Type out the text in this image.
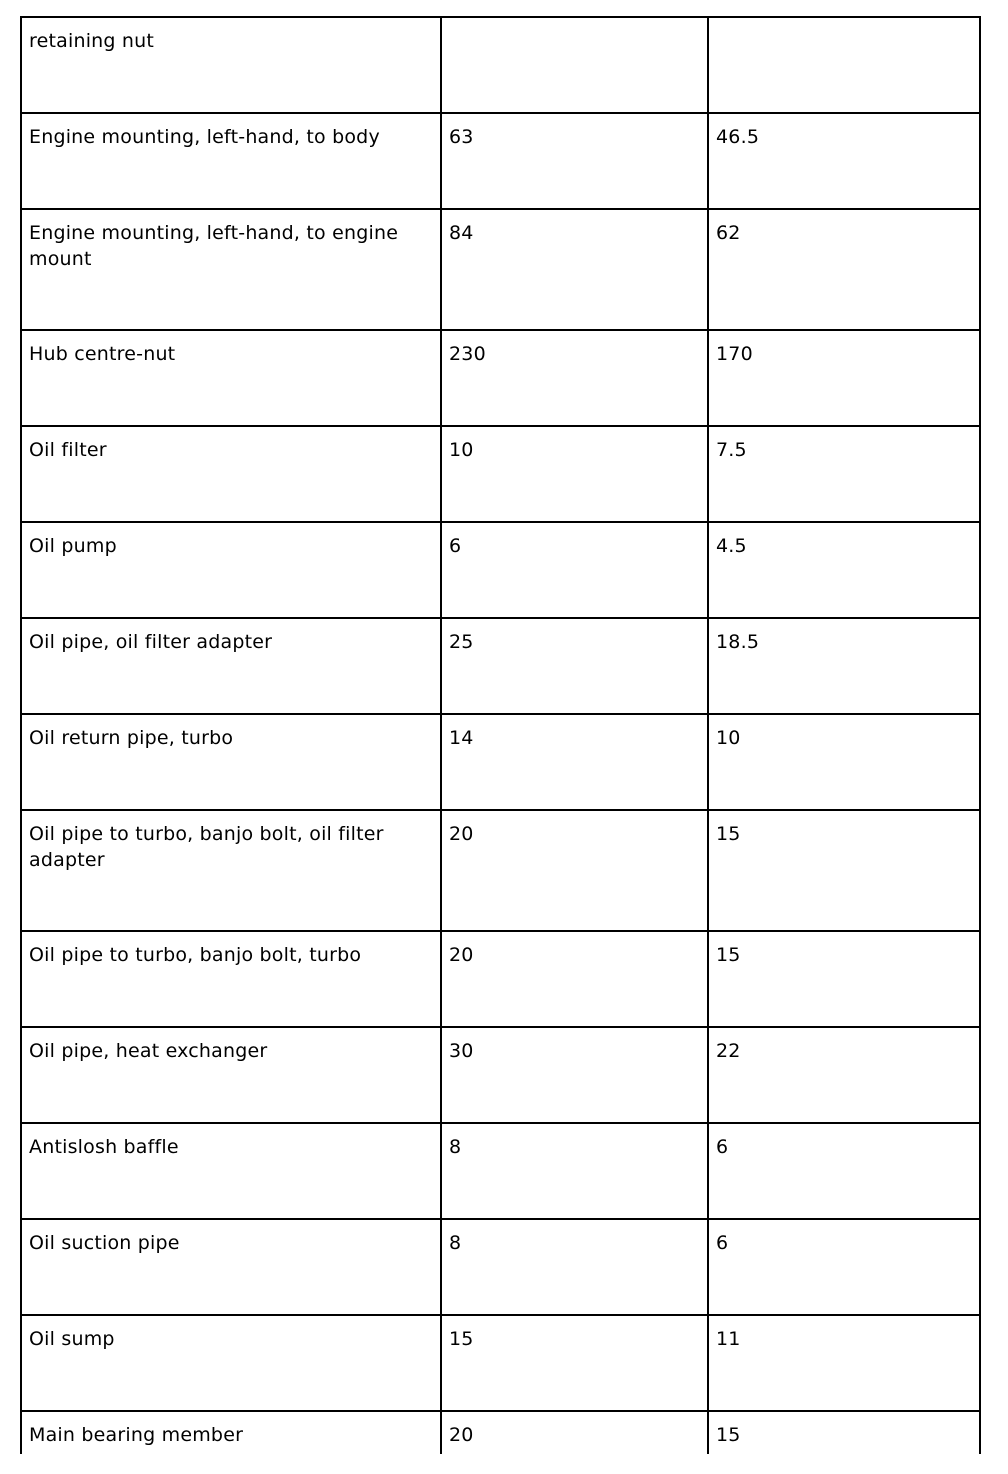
retaining nut		
Engine mounting, left-hand, to body	63	46.5
Engine mounting, left-hand, to engine mount	84	62
Hub centre-nut	230	170
Oil filter	10	7.5
Oil pump	6	4.5
Oil pipe, oil filter adapter	25	18.5
Oil return pipe, turbo	14	10
Oil pipe to turbo, banjo bolt, oil filter adapter	20	15
Oil pipe to turbo, banjo bolt, turbo	20	15
Oil pipe, heat exchanger	30	22
Antislosh baffle	8	6
Oil suction pipe	8	6
Oil sump	15	11
Main bearing member	20	15
